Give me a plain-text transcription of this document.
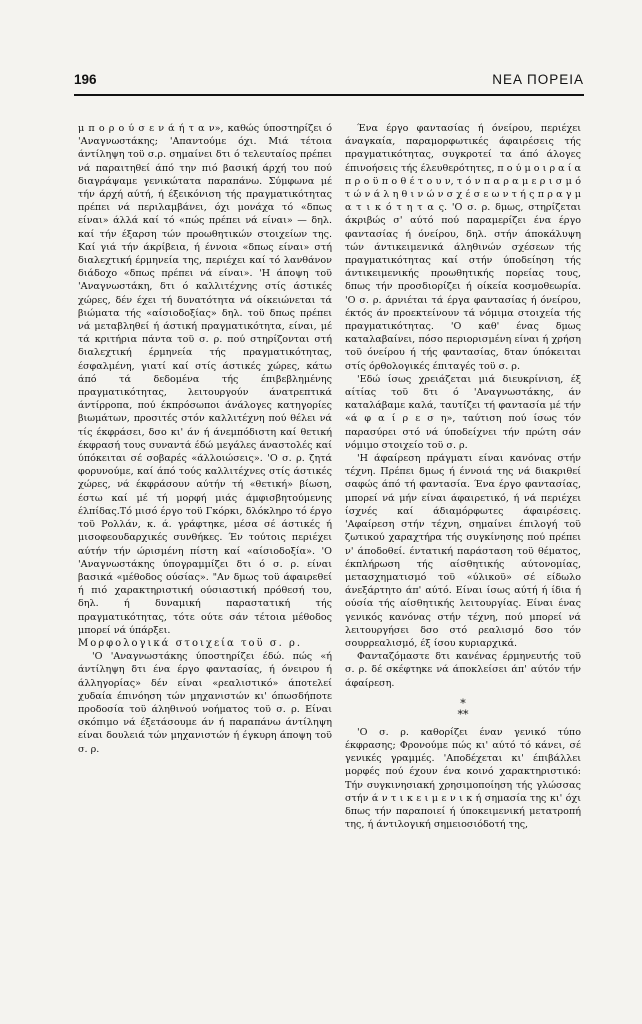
196	ΝΕΑ ΠΟΡΕΙΑ

μ π ο ρ ο ύ σ ε ν ά ή τ α ν», καθώς ύποστηρίζει ό 'Αναγνωστάκης; 'Απαντούμε όχι. Μιά τέτοια άντίληψη τοϋ σ.ρ. σημαίνει δτι ό τελευταίος πρέπει νά παραιτηθεί άπό την πιό βασική άρχή του πού διαγράψαμε γενικώτατα παραπάνω. Σύμφωνα μέ τήν άρχή αύτή, ή έξεικόνιση τής πραγματικότητας πρέπει νά περιλαμβάνει, όχι μονάχα τό «δπως είναι» άλλά καί τό «πώς πρέπει νά είναι» — δηλ. καί τήν έξαρση τών προωθητικών στοιχείων της. Καί γιά τήν άκρίβεια, ή έννοια «δπως είναι» στή διαλεχτική έρμηνεία της, περιέχει καί τό λανθάνον διάδοχο «δπως πρέπει νά είναι». 'Η άποψη τοϋ 'Αναγνωστάκη, δτι ό καλλιτέχνης στίς άστικές χώρες, δέν έχει τή δυνατότητα νά οίκειώνεται τά βιώματα τής «αίσιοδοξίας» δηλ. τοϋ δπως πρέπει νά μεταβληθεί ή άστική πραγματικότητα, είναι, μέ τά κριτήρια πάντα τοϋ σ. ρ. πού στηρίζονται στή διαλεχτική έρμηνεία τής πραγματικότητας, έσφαλμένη, γιατί καί στίς άστικές χώρες, κάτω άπό τά δεδομένα τής έπιβεβλημένης πραγματικότητας, λειτουργούν άνατρεπτικά άντίρροπα, πού έκπρόσωποι άνάλογες κατηγορίες βιωμάτων, προσιτές στόν καλλιτέχνη πού θέλει νά τίς έκφράσει, δσο κι' άν ή άνεμπόδιστη καί θετική έκφρασή τους συναντά έδώ μεγάλες άναστολές καί ύπόκειται σέ σοβαρές «άλλοιώσεις». 'Ο σ. ρ. ζητά φορυνούμε, καί άπό τούς καλλιτέχνες στίς άστικές χώρες, νά έκφράσουν αύτήν τή «θετική» βίωση, έστω καί μέ τή μορφή μιάς άμφισβητούμενης έλπίδας.Τό μισό έργο τοϋ Γκόρκι, δλόκληρο τό έργο τοϋ Ρολλάν, κ. ά. γράφτηκε, μέσα σέ άστικές ή μισοφεουδαρχικές συνθήκες. Έν τούτοις περιέχει αύτήν τήν ώρισμένη πίστη καί «αίσιοδοξία». 'Ο 'Αναγνωστάκης ύπογραμμίζει δτι ό σ. ρ. είναι βασικά «μέθοδος ούσίας». "Αν δμως τοϋ άφαιρεθεί ή πιό χαρακτηριστική ούσιαστική πρόθεσή του, δηλ. ή δυναμική παραστατική τής πραγματικότητας, τότε ούτε σάν τέτοια μέθοδος μπορεί νά ύπάρξει.

Μορφολογικά στοιχεία τοϋ σ. ρ.

'Ο 'Αναγνωστάκης ύποστηρίζει έδώ. πώς «ή άντίληψη δτι ένα έργο φαντασίας, ή όνειρου ή άλληγορίας» δέν είναι «ρεαλιστικό» άποτελεί χυδαία έπινόηση τών μηχανιστών κι' όπωσδήποτε προδοσία τοϋ άληθινού νοήματος τοϋ σ. ρ. Είναι σκόπιμο νά έξετάσουμε άν ή παραπάνω άντίληψη είναι δουλειά τών μηχανιστών ή έγκυρη άποψη τοϋ σ. ρ.

Ένα έργο φαντασίας ή όνείρου, περιέχει άναγκαία, παραμορφωτικές άφαιρέσεις τής πραγματικότητας, συγκροτεί τα άπό άλογες έπινοήσεις τής έλευθερότητες, π ο ύ μ ο ι ρ α ί α π ρ ο ϋ π ο θ έ τ ο υ ν, τ ό ν π α ρ α μ ε ρ ι σ μ ό τ ώ ν ά λ η θ ι ν ώ ν σ χ έ σ ε ω ν τ ή ς π ρ α γ μ α τ ι κ ό τ η τ α ς. 'Ο σ. ρ. δμως, στηρίζεται άκριβώς σ' αύτό πού παραμερίζει ένα έργο φαντασίας ή όνείρου, δηλ. στήν άποκάλυψη τών άντικειμενικά άληθινών σχέσεων τής πραγματικότητας καί στήν ύποδείηση τής άντικειμενικής προωθητικής πορείας τους, δπως τήν προσδιορίζει ή οίκεία κοσμοθεωρία. 'Ο σ. ρ. άρνιέται τά έργα φαντασίας ή όνείρου, έκτός άν προεκτείνουν τά νόμιμα στοιχεία τής πραγματικότητας. 'Ο καθ' ένας δμως καταλαβαίνει, πόσο περιορισμένη είναι ή χρήση τοϋ όνείρου ή τής φαντασίας, δταν ύπόκειται στίς όρθολογικές έπιταγές τοϋ σ. ρ.

'Εδώ ίσως χρειάζεται μιά διευκρίνιση, έξ αίτίας τοϋ δτι ό 'Αναγνωστάκης, άν καταλάβαμε καλά, ταυτίζει τή φαντασία μέ τήν «ά φ α ί ρ ε σ η», ταύτιση πού ίσως τόν παρασύρει στό νά ύποδείχνει τήν πρώτη σάν νόμιμο στοιχείο τοϋ σ. ρ.

'Η άφαίρεση πράγματι είναι κανόνας στήν τέχνη. Πρέπει δμως ή έννοιά της νά διακριθεί σαφώς άπό τή φαντασία. Ένα έργο φαντασίας, μπορεί νά μήν είναι άφαιρετικό, ή νά περιέχει ίσχνές καί άδιαμόρφωτες άφαιρέσεις. 'Αφαίρεση στήν τέχνη, σημαίνει έπιλογή τοϋ ζωτικού χαραχτήρα τής συγκίνησης πού πρέπει ν' άποδοθεί. έντατική παράσταση τοϋ θέματος, έκπλήρωση τής αίσθητικής αύτονομίας, μετασχηματισμό τοϋ «ύλικοϋ» σέ είδωλο άνεξάρτητο άπ' αύτό. Είναι ίσως αύτή ή ίδια ή ούσία τής αίσθητικής λειτουργίας. Είναι ένας γενικός κανόνας στήν τέχνη, πού μπορεί νά λειτουργήσει δσο στό ρεαλισμό δσο τόν σουρρεαλισμό, έξ ίσου κυριαρχικά.

Φανταζόμαστε δτι κανένας έρμηνευτής τοϋ σ. ρ. δέ σκέφτηκε νά άποκλείσει άπ' αύτόν τήν άφαίρεση.

*
**

'Ο σ. ρ. καθορίζει έναν γενικό τύπο έκφρασης; Φρονούμε πώς κι' αύτό τό κάνει, σέ γενικές γραμμές. 'Αποδέχεται κι' έπιβάλλει μορφές πού έχουν ένα κοινό χαρακτηριστικό: Τήν συγκινησιακή χρησιμοποίηση τής γλώσσας στήν ά ν τ ι κ ε ι μ ε ν ι κ ή σημασία της κι' όχι δπως τήν παραποιεί ή ύποκειμενική μετατροπή της, ή άντιλογική σημειοσιόδοτή της,
